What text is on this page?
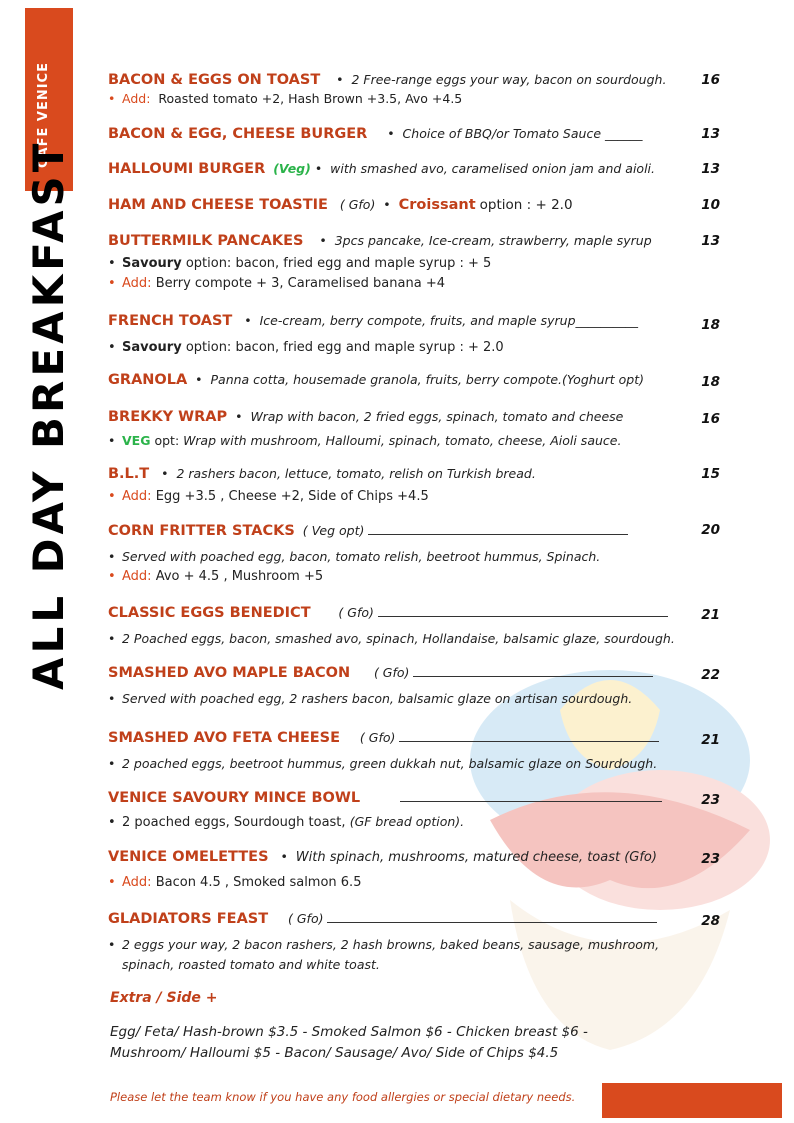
CAFE VENICE
ALL DAY BREAKFAST
BACON & EGGS ON TOAST •  2 Free-range eggs your way, bacon on sourdough.	16
• Add: Roasted tomato +2, Hash Brown +3.5, Avo +4.5
BACON & EGG, CHEESE BURGER •  Choice of BBQ/or Tomato Sauce ______	13
HALLOUMI BURGER (Veg) •  with smashed avo, caramelised onion jam and aioli.	13
HAM AND CHEESE TOASTIE ( Gfo) •  Croissant option : + 2.0	10
BUTTERMILK PANCAKES •  3pcs pancake, Ice-cream, strawberry, maple syrup	13
• Savoury option: bacon, fried egg and maple syrup : + 5
• Add: Berry compote + 3, Caramelised banana +4
FRENCH TOAST •  Ice-cream, berry compote, fruits, and maple syrup__________	18
• Savoury option: bacon, fried egg and maple syrup : + 2.0
GRANOLA •  Panna cotta, housemade granola, fruits, berry compote.(Yoghurt opt)	18
BREKKY WRAP •  Wrap with bacon, 2 fried eggs, spinach, tomato and cheese	16
• VEG opt: Wrap with mushroom, Halloumi, spinach, tomato, cheese, Aioli sauce.
B.L.T •  2 rashers bacon, lettuce, tomato, relish on Turkish bread.	15
• Add: Egg +3.5 , Cheese +2, Side of Chips +4.5
CORN FRITTER STACKS ( Veg opt)	20
• Served with poached egg, bacon, tomato relish, beetroot hummus, Spinach.
• Add: Avo + 4.5 , Mushroom +5
CLASSIC EGGS BENEDICT ( Gfo)	21
• 2 Poached eggs, bacon, smashed avo, spinach, Hollandaise, balsamic glaze, sourdough.
SMASHED AVO MAPLE BACON ( Gfo)	22
• Served with poached egg, 2 rashers bacon, balsamic glaze on artisan sourdough.
SMASHED AVO FETA CHEESE ( Gfo)	21
• 2 poached eggs, beetroot hummus, green dukkah nut, balsamic glaze on Sourdough.
VENICE SAVOURY MINCE BOWL	23
• 2 poached eggs, Sourdough toast, (GF bread option).
VENICE OMELETTES •  With spinach, mushrooms, matured cheese, toast (Gfo)	23
• Add: Bacon 4.5 , Smoked salmon 6.5
GLADIATORS FEAST ( Gfo)	28
• 2 eggs your way, 2 bacon rashers, 2 hash browns, baked beans, sausage, mushroom,
spinach, roasted tomato and white toast.
Extra / Side +
Egg/ Feta/ Hash-brown $3.5 - Smoked Salmon $6 - Chicken breast $6 -
Mushroom/ Halloumi $5 - Bacon/ Sausage/ Avo/ Side of Chips $4.5
Please let the team know if you have any food allergies or special dietary needs.
